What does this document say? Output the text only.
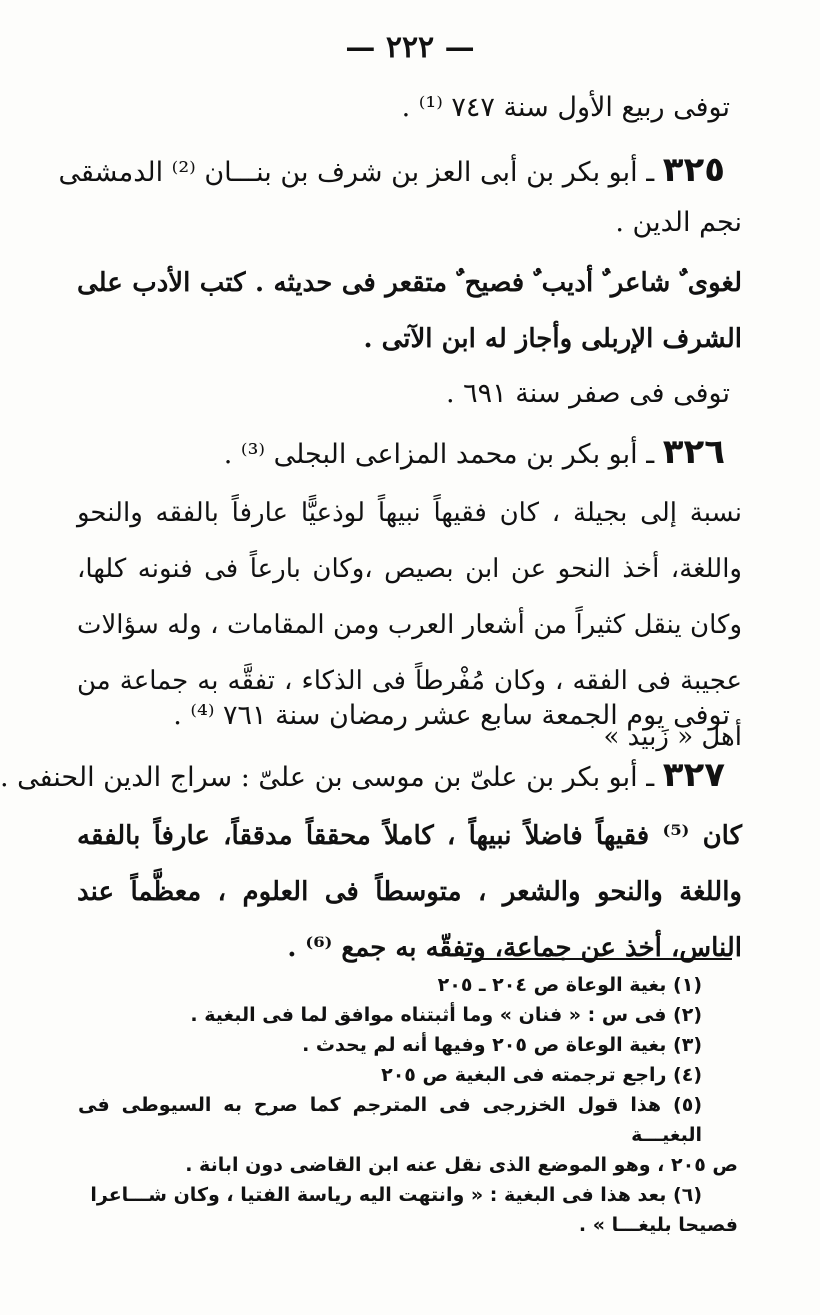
— ٢٢٢ —
توفى ربيع الأول سنة ٧٤٧ ⁽¹⁾ .
٣٢٥ ـ أبو بكر بن أبى العز بن شرف بن بنـــان ⁽²⁾ الدمشقى
نجم الدين .
لغوى ٌ شاعر ٌ أديب ٌ فصيح ٌ متقعر فى حديثه . كتب الأدب على الشرف الإربلى وأجاز له ابن الآتى .
توفى فى صفر سنة ٦٩١ .
٣٢٦ ـ أبو بكر بن محمد المزاعى البجلى ⁽³⁾ .
نسبة إلى بجيلة ، كان فقيهاً نبيهاً لوذعيًّا عارفاً بالفقه والنحو واللغة، أخذ النحو عن ابن بصيص ،وكان بارعاً فى فنونه كلها، وكان ينقل كثيراً من أشعار العرب ومن المقامات ، وله سؤالات عجيبة فى الفقه ، وكان مُفْرطاً فى الذكاء ، تفقَّه به جماعة من أهل « زَبيد »
توفى يوم الجمعة سابع عشر رمضان سنة ٧٦١ ⁽⁴⁾ .
٣٢٧ ـ أبو بكر بن علىّ بن موسى بن علىّ : سراج الدين الحنفى .
كان ⁽⁵⁾ فقيهاً فاضلاً نبيهاً ، كاملاً محققاً مدققاً، عارفاً بالفقه واللغة والنحو والشعر ، متوسطاً فى العلوم ، معظَّماً عند الناس، أخذ عن جماعة، وتفقّه به جمع ⁽⁶⁾ .

(١) بغية الوعاة ص ٢٠٤ ـ ٢٠٥

(٢) فى س : « فنان » وما أثبتناه موافق لما فى البغية .

(٣) بغية الوعاة ص ٢٠٥ وفيها أنه لم يحدث .

(٤) راجع ترجمته فى البغية ص ٢٠٥

(٥) هذا قول الخزرجى فى المترجم كما صرح به السيوطى فى البغيـــة

ص ٢٠٥ ، وهو الموضع الذى نقل عنه ابن القاضى دون ابانة .

(٦) بعد هذا فى البغية : « وانتهت اليه رياسة الفتيا ، وكان شـــاعرا

فصيحا بليغـــا » .
